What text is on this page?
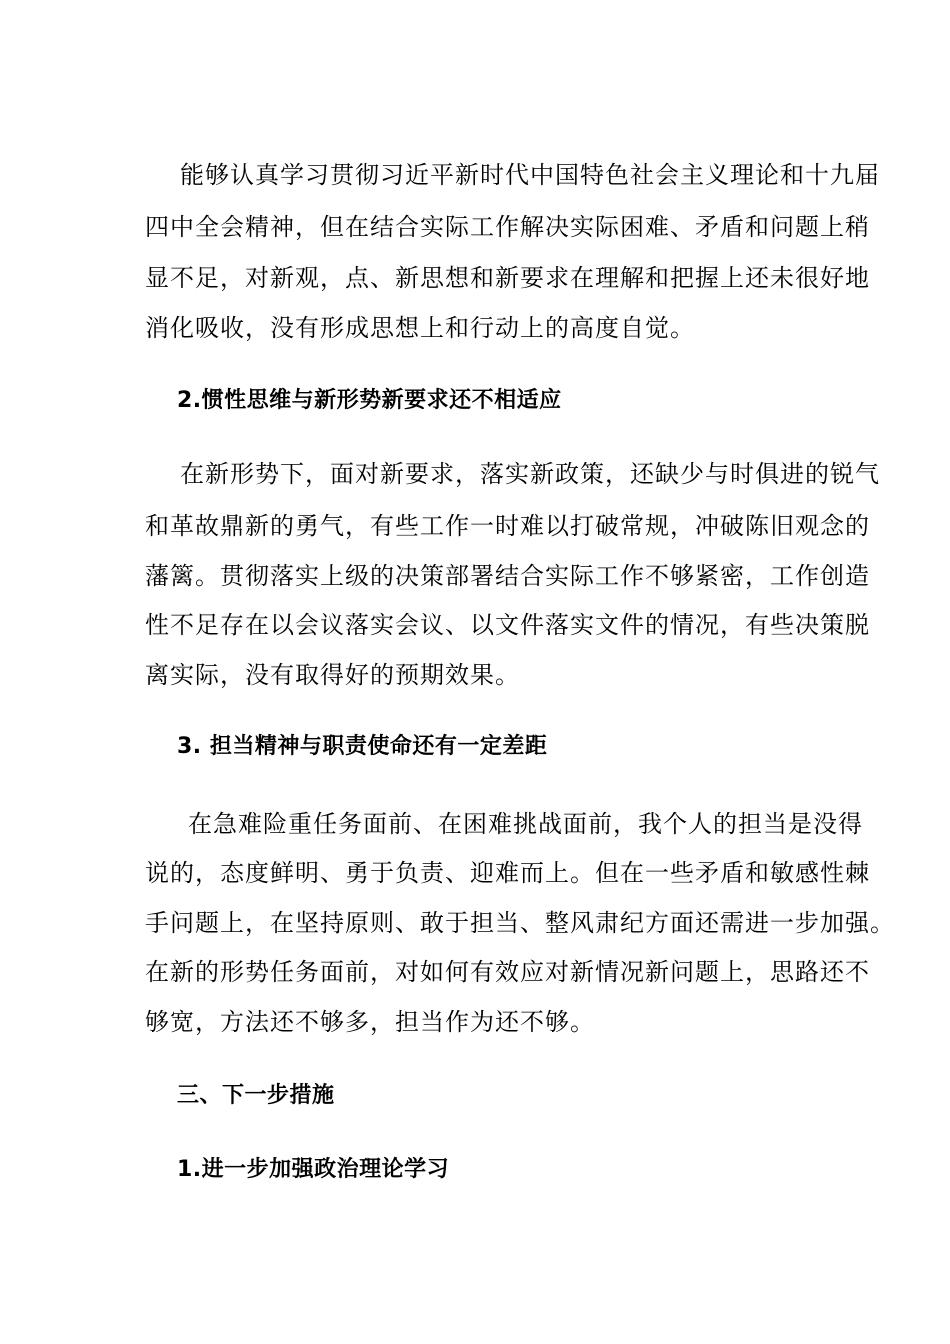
能够认真学习贯彻习近平新时代中国特色社会主义理论和十九届
四中全会精神，但在结合实际工作解决实际困难、矛盾和问题上稍
显不足，对新观，点、新思想和新要求在理解和把握上还未很好地
消化吸收，没有形成思想上和行动上的高度自觉。
2.惯性思维与新形势新要求还不相适应
在新形势下，面对新要求，落实新政策，还缺少与时俱进的锐气
和革故鼎新的勇气，有些工作一时难以打破常规，冲破陈旧观念的
藩篱。贯彻落实上级的决策部署结合实际工作不够紧密，工作创造
性不足存在以会议落实会议、以文件落实文件的情况，有些决策脱
离实际，没有取得好的预期效果。
3. 担当精神与职责使命还有一定差距
在急难险重任务面前、在困难挑战面前，我个人的担当是没得
说的，态度鲜明、勇于负责、迎难而上。但在一些矛盾和敏感性棘
手问题上，在坚持原则、敢于担当、整风肃纪方面还需进一步加强。
在新的形势任务面前，对如何有效应对新情况新问题上，思路还不
够宽，方法还不够多，担当作为还不够。
三、下一步措施
1.进一步加强政治理论学习
